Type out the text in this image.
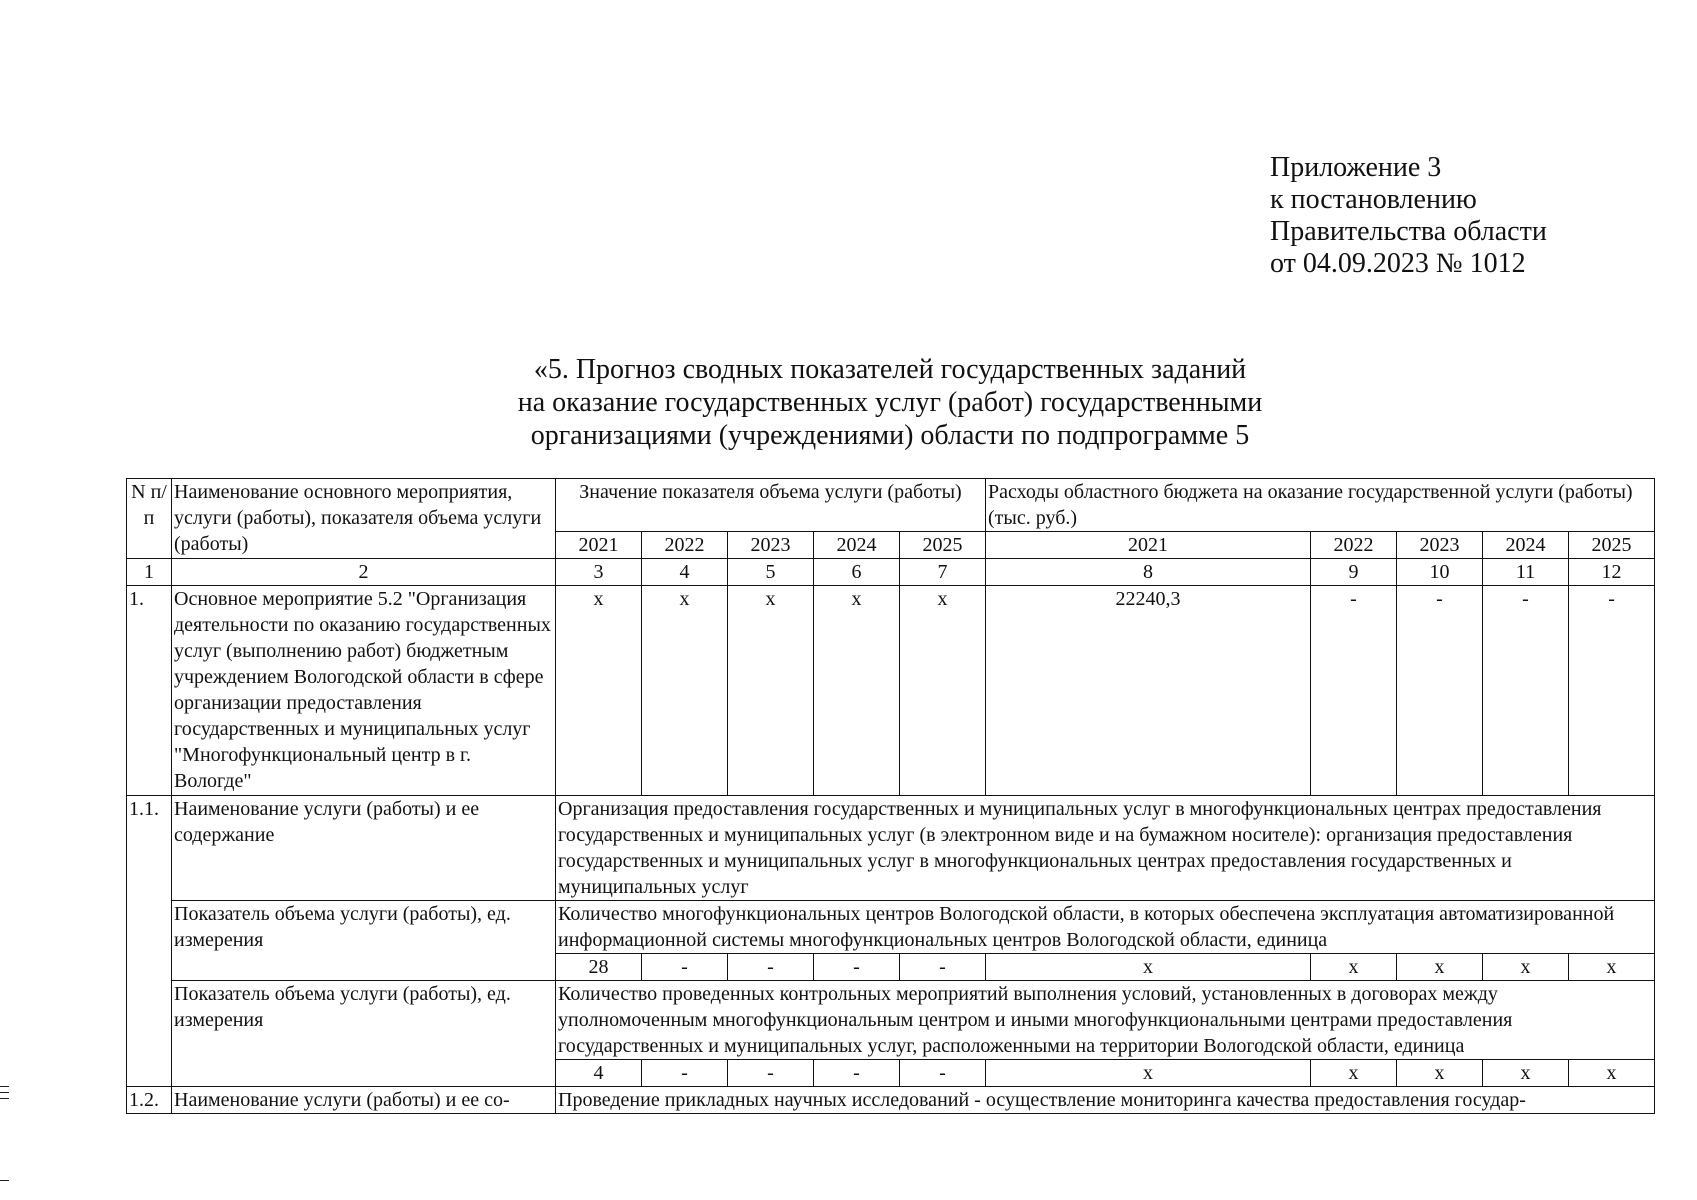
Приложение 3
к постановлению
Правительства области
от 04.09.2023 № 1012
«5. Прогноз сводных показателей государственных заданий
на оказание государственных услуг (работ) государственными
организациями (учреждениями) области по подпрограмме 5
N п/п	Наименование основного мероприятия, услуги (работы), показателя объема услуги (работы)	Значение показателя объема услуги (работы)					Расходы областного бюджета на оказание государственной услуги (работы) (тыс. руб.)				
		2021	2022	2023	2024	2025	2021	2022	2023	2024	2025
1	2	3	4	5	6	7	8	9	10	11	12
1.	Основное мероприятие 5.2 "Организация деятельности по оказанию государственных услуг (выполнению работ) бюджетным учреждением Вологодской области в сфере организации предоставления государственных и муниципальных услуг "Многофункциональный центр в г. Вологде"	х	х	х	х	х	22240,3	-	-	-	-
1.1.	Наименование услуги (работы) и ее содержание	Организация предоставления государственных и муниципальных услуг в многофункциональных центрах предоставления государственных и муниципальных услуг (в электронном виде и на бумажном носителе): организация предоставления государственных и муниципальных услуг в многофункциональных центрах предоставления государственных и муниципальных услуг									
	Показатель объема услуги (работы), ед. измерения	Количество многофункциональных центров Вологодской области, в которых обеспечена эксплуатация автоматизированной информационной системы многофункциональных центров Вологодской области, единица									
		28	-	-	-	-	х	х	х	х	х
	Показатель объема услуги (работы), ед. измерения	Количество проведенных контрольных мероприятий выполнения условий, установленных в договорах между уполномоченным многофункциональным центром и иными многофункциональными центрами предоставления государственных и муниципальных услуг, расположенными на территории Вологодской области, единица									
		4	-	-	-	-	х	х	х	х	х
1.2.	Наименование услуги (работы) и ее со-	Проведение прикладных научных исследований - осуществление мониторинга качества предоставления государ-									
